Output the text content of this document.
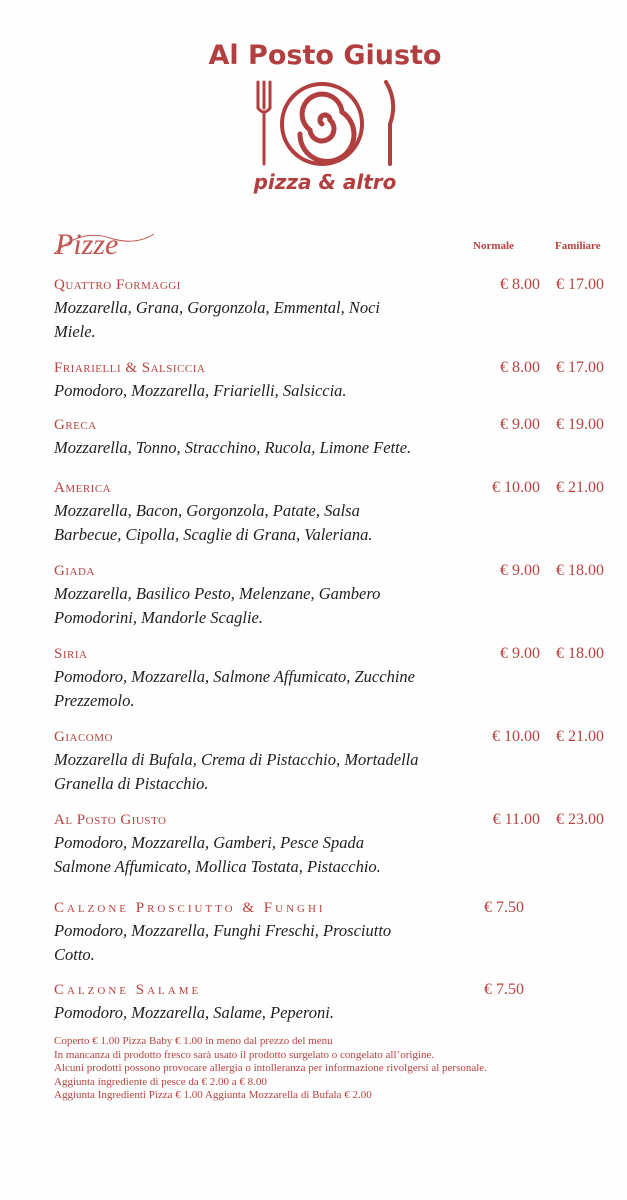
Al Posto Giusto
pizza & altro
Pizze	Normale	Familiare
Quattro Formaggi
Mozzarella, Grana, Gorgonzola, Emmental, Noci
Miele.
€ 8.00	€ 17.00
Friarielli & Salsiccia
Pomodoro, Mozzarella, Friarielli, Salsiccia.
€ 8.00	€ 17.00
Greca
Mozzarella, Tonno, Stracchino, Rucola, Limone Fette.
€ 9.00	€ 19.00
America
Mozzarella, Bacon, Gorgonzola, Patate, Salsa
Barbecue, Cipolla, Scaglie di Grana, Valeriana.
€ 10.00	€ 21.00
Giada
Mozzarella, Basilico Pesto, Melenzane, Gambero
Pomodorini, Mandorle Scaglie.
€ 9.00	€ 18.00
Siria
Pomodoro, Mozzarella, Salmone Affumicato, Zucchine
Prezzemolo.
€ 9.00	€ 18.00
Giacomo
Mozzarella di Bufala, Crema di Pistacchio, Mortadella
Granella di Pistacchio.
€ 10.00	€ 21.00
Al Posto Giusto
Pomodoro, Mozzarella, Gamberi, Pesce Spada
Salmone Affumicato, Mollica Tostata, Pistacchio.
€ 11.00	€ 23.00
Calzone Prosciutto & Funghi
Pomodoro, Mozzarella, Funghi Freschi, Prosciutto
Cotto.
€ 7.50
Calzone Salame
Pomodoro, Mozzarella, Salame, Peperoni.
€ 7.50
Coperto € 1.00 Pizza Baby € 1.00 in meno dal prezzo del menu
In mancanza di prodotto fresco sarà usato il prodotto surgelato o congelato all’origine.
Alcuni prodotti possono provocare allergia o intolleranza per informazione rivolgersi al personale.
Aggiunta ingrediente di pesce da € 2.00 a € 8.00
Aggiunta Ingredienti Pizza € 1.00 Aggiunta Mozzarella di Bufala € 2.00
